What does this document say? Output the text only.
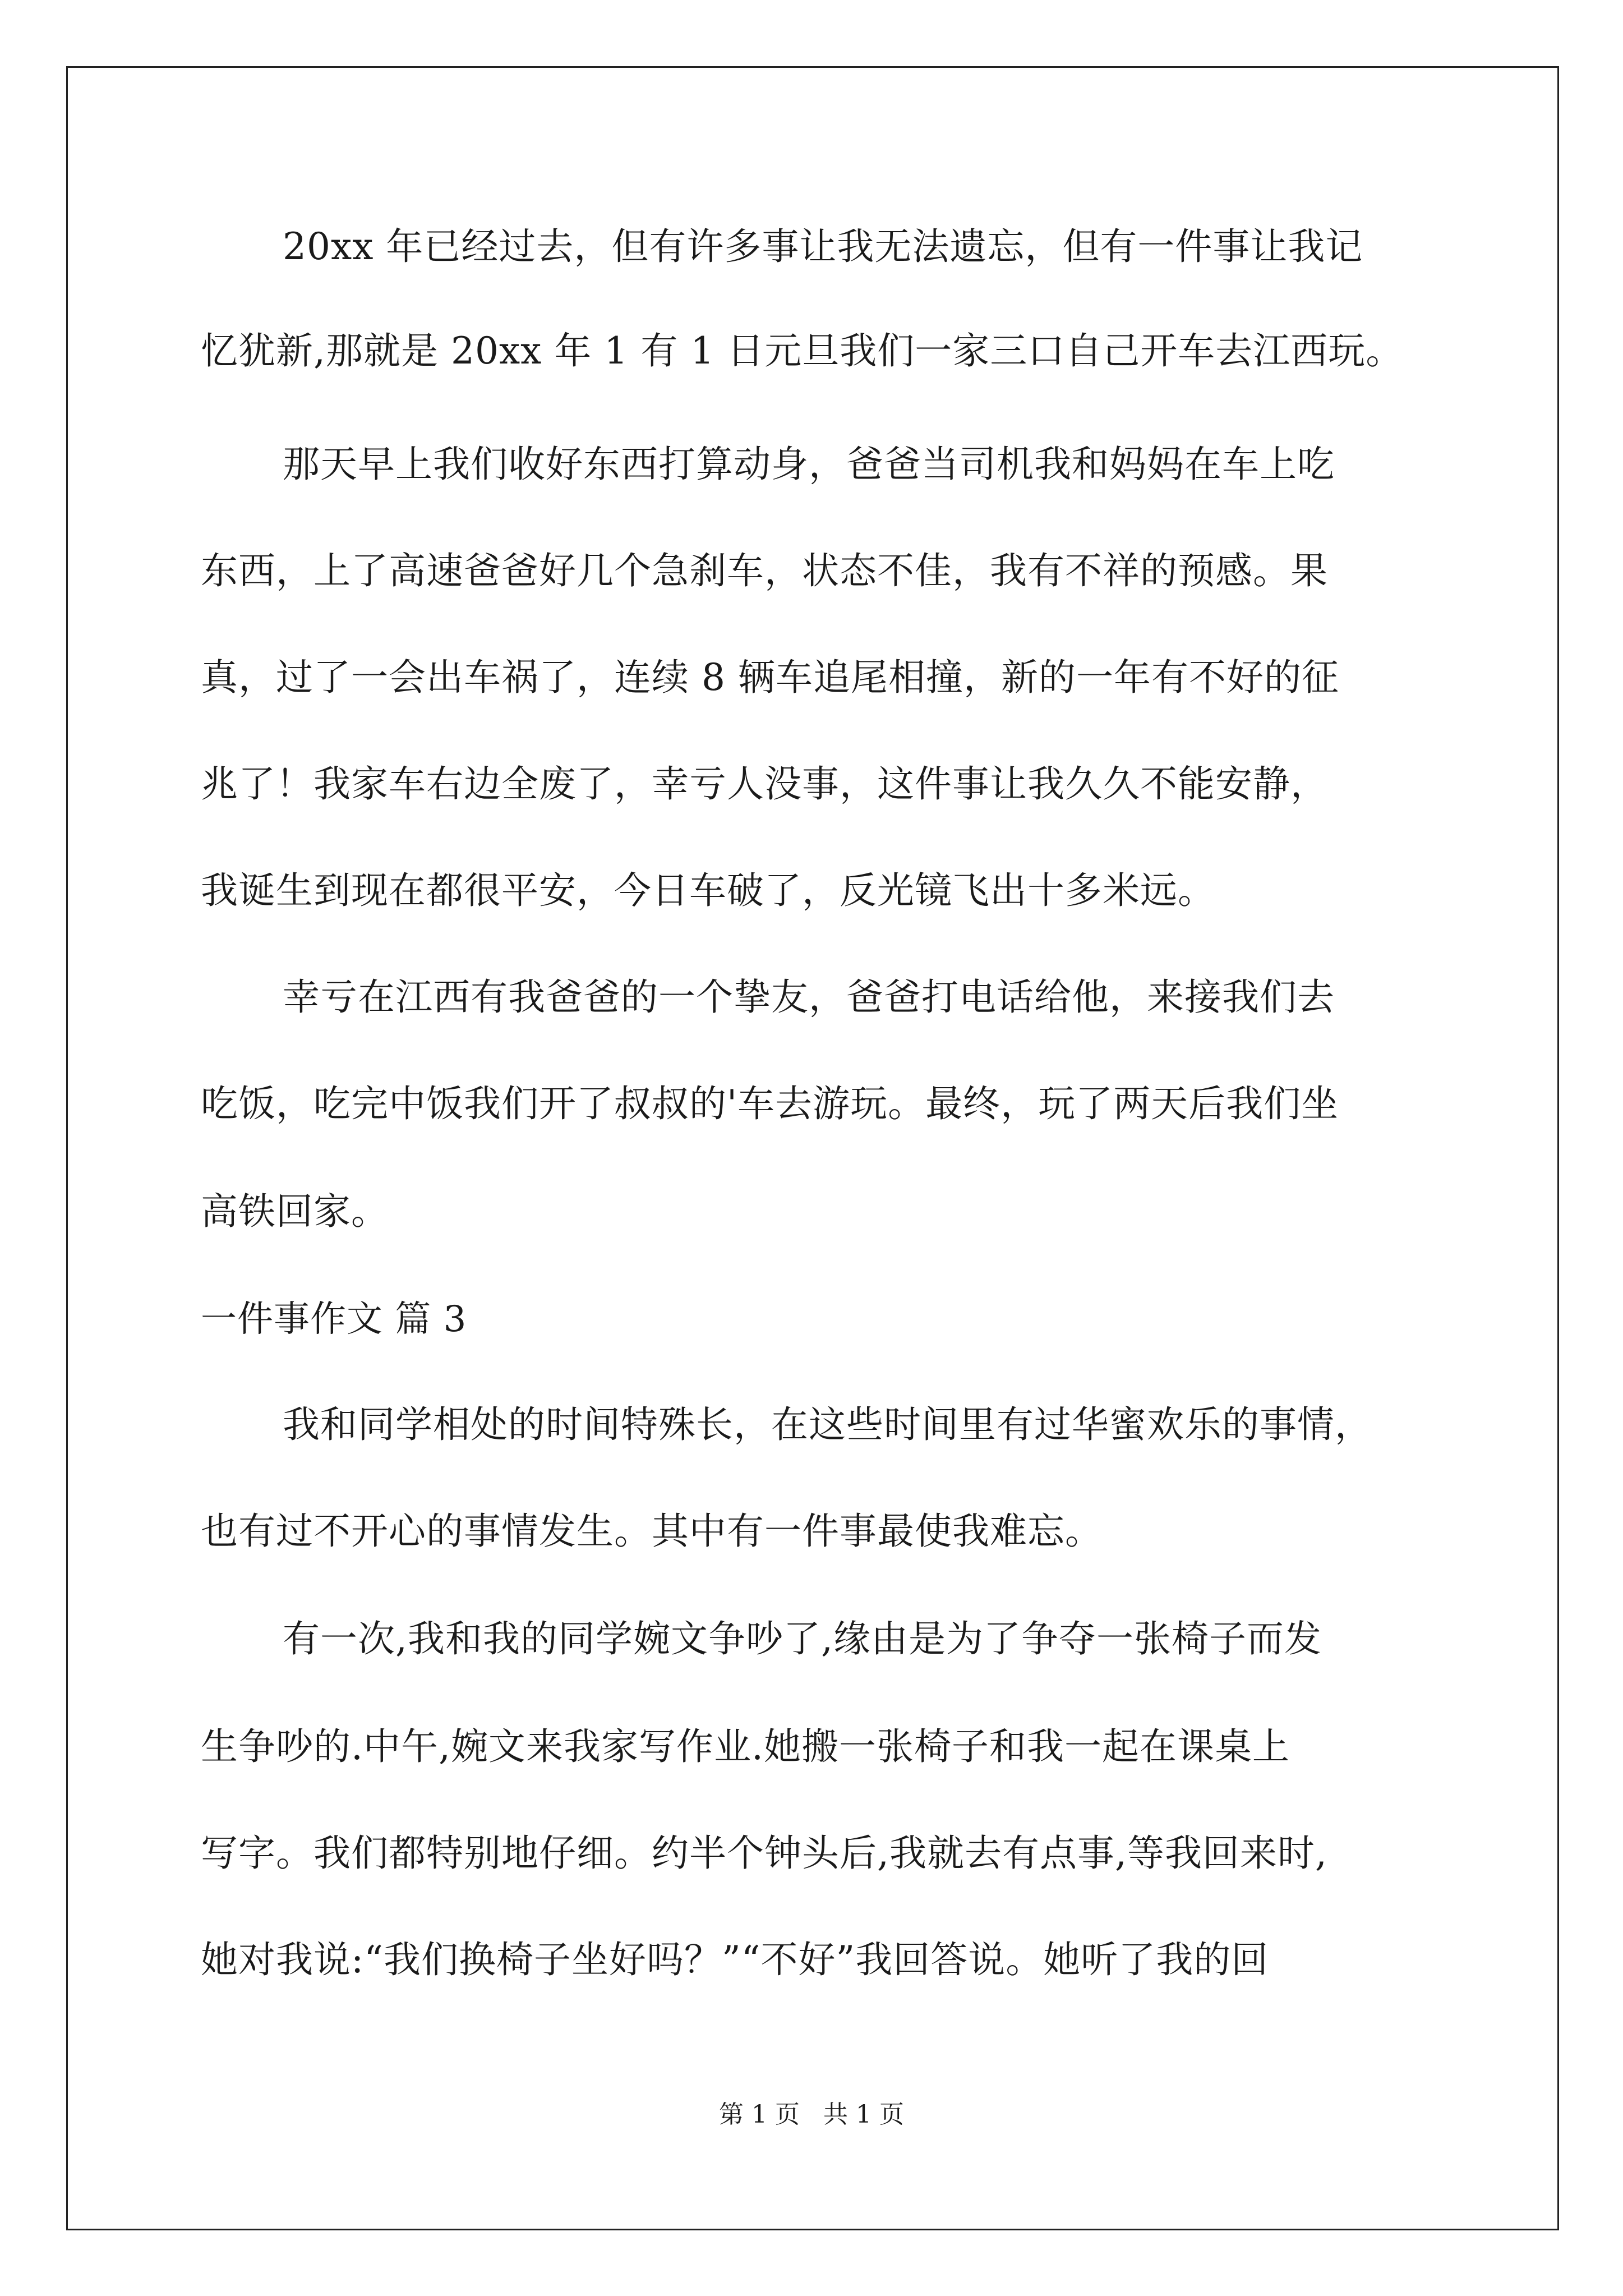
20xx 年已经过去，但有许多事让我无法遗忘，但有一件事让我记
忆犹新,那就是 20xx 年 1 有 1 日元旦我们一家三口自己开车去江西玩。
那天早上我们收好东西打算动身，爸爸当司机我和妈妈在车上吃
东西，上了高速爸爸好几个急刹车，状态不佳，我有不祥的预感。果
真，过了一会出车祸了，连续 8 辆车追尾相撞，新的一年有不好的征
兆了！我家车右边全废了，幸亏人没事，这件事让我久久不能安静，
我诞生到现在都很平安，今日车破了，反光镜飞出十多米远。
幸亏在江西有我爸爸的一个挚友，爸爸打电话给他，来接我们去
吃饭，吃完中饭我们开了叔叔的'车去游玩。最终，玩了两天后我们坐
高铁回家。
一件事作文 篇 3
我和同学相处的时间特殊长，在这些时间里有过华蜜欢乐的事情，
也有过不开心的事情发生。其中有一件事最使我难忘。
有一次,我和我的同学婉文争吵了,缘由是为了争夺一张椅子而发
生争吵的.中午,婉文来我家写作业.她搬一张椅子和我一起在课桌上
写字。我们都特别地仔细。约半个钟头后,我就去有点事,等我回来时,
她对我说:“我们换椅子坐好吗？”“不好”我回答说。她听了我的回
第 1 页   共 1 页
